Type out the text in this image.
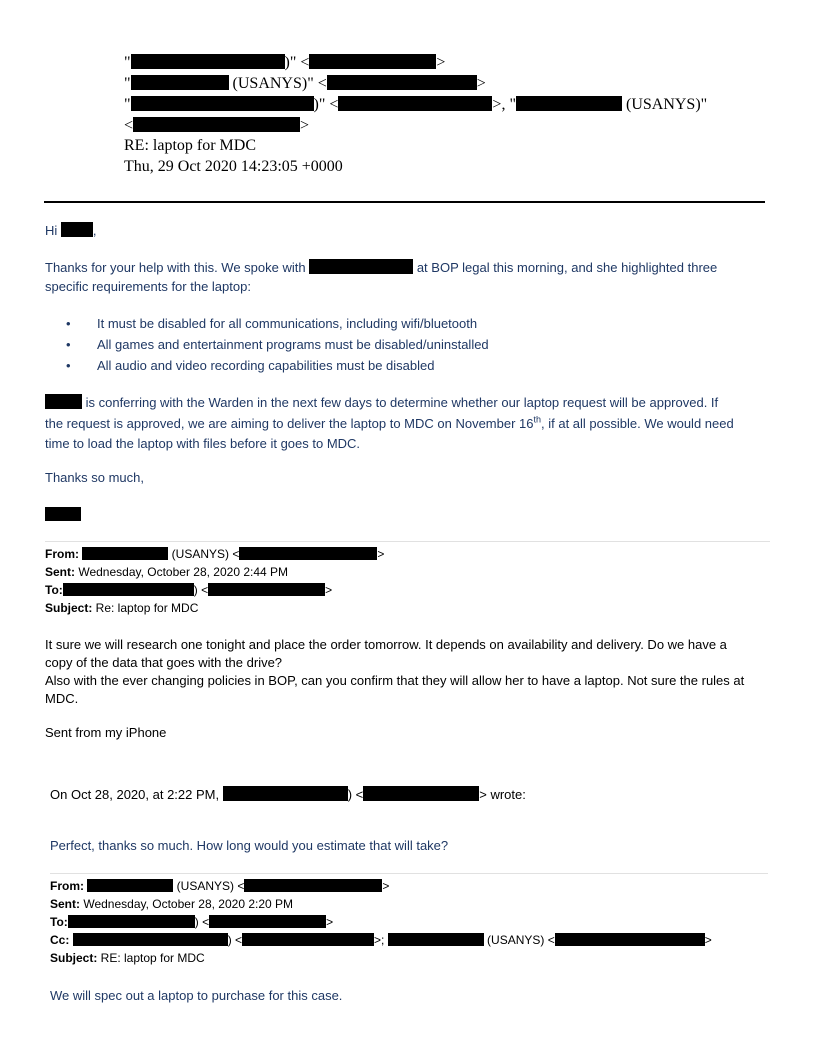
"	)" <	>
"	(USANYS)" <	>
"	)" <	>, "	(USANYS)"
<	>
RE: laptop for MDC
Thu, 29 Oct 2020 14:23:05 +0000
Hi ,
Thanks for your help with this. We spoke with	at BOP legal this morning, and she highlighted three
specific requirements for the laptop:
• It must be disabled for all communications, including wifi/bluetooth
• All games and entertainment programs must be disabled/uninstalled
• All audio and video recording capabilities must be disabled
is conferring with the Warden in the next few days to determine whether our laptop request will be approved. If
the request is approved, we are aiming to deliver the laptop to MDC on November 16th, if at all possible. We would need
time to load the laptop with files before it goes to MDC.
Thanks so much,
From:	(USANYS) <	>
Sent: Wednesday, October 28, 2020 2:44 PM
To:	) <	>
Subject: Re: laptop for MDC
It sure we will research one tonight and place the order tomorrow. It depends on availability and delivery. Do we have a
copy of the data that goes with the drive?
Also with the ever changing policies in BOP, can you confirm that they will allow her to have a laptop. Not sure the rules at
MDC.
Sent from my iPhone
On Oct 28, 2020, at 2:22 PM,	) <	> wrote:
Perfect, thanks so much. How long would you estimate that will take?
From:	(USANYS) <	>
Sent: Wednesday, October 28, 2020 2:20 PM
To:	) <	>
Cc:	) <	>;	(USANYS) <	>
Subject: RE: laptop for MDC
We will spec out a laptop to purchase for this case.
